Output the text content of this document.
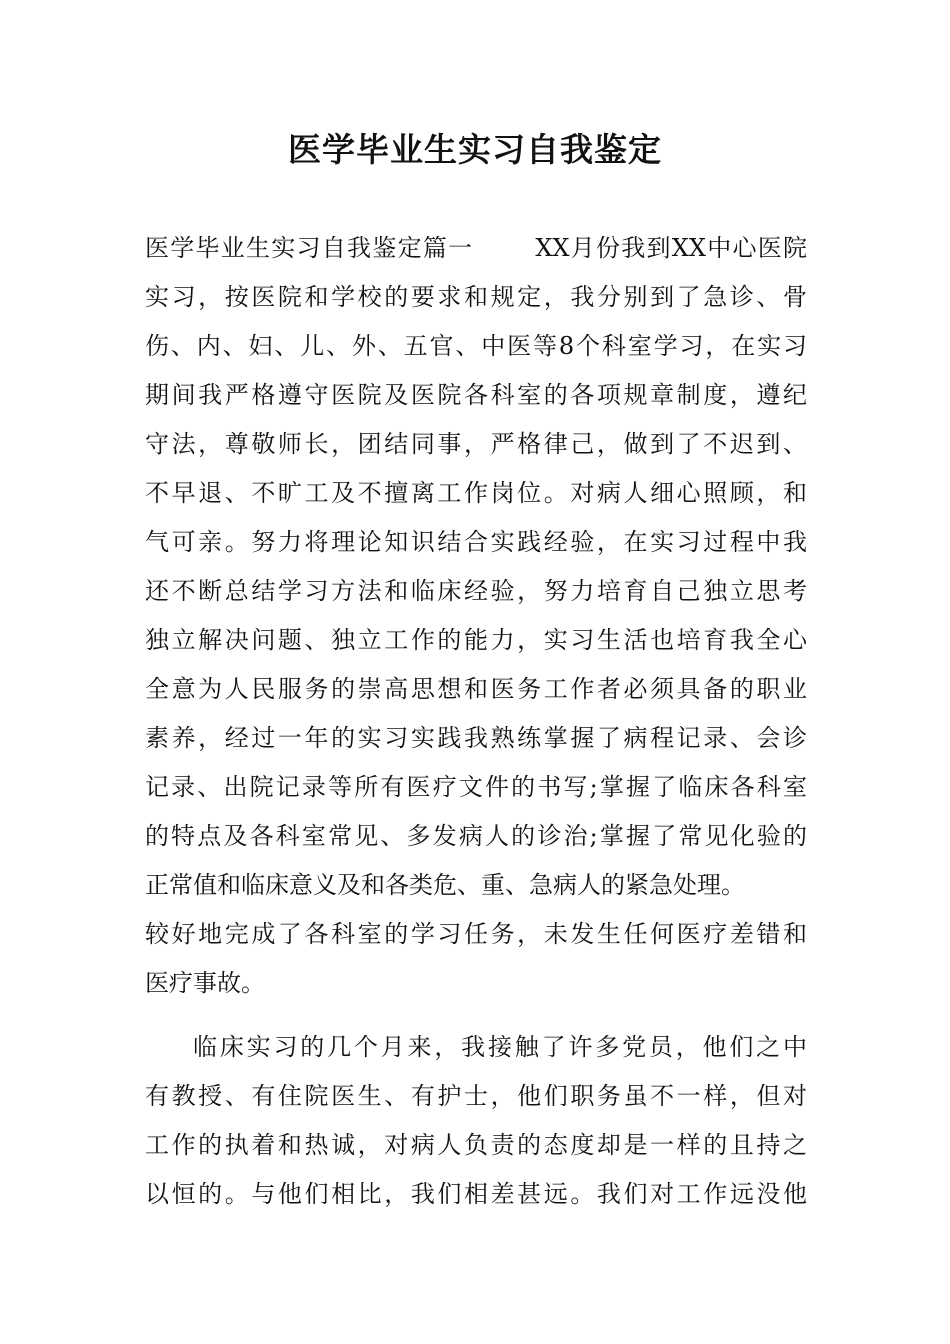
医学毕业生实习自我鉴定
医学毕业生实习自我鉴定篇一	XX月份我到XX中心医院
实习，按医院和学校的要求和规定，我分别到了急诊、骨
伤、内、妇、儿、外、五官、中医等8个科室学习，在实习
期间我严格遵守医院及医院各科室的各项规章制度，遵纪
守法，尊敬师长，团结同事，严格律己，做到了不迟到、
不早退、不旷工及不擅离工作岗位。对病人细心照顾，和
气可亲。努力将理论知识结合实践经验，在实习过程中我
还不断总结学习方法和临床经验，努力培育自己独立思考
独立解决问题、独立工作的能力，实习生活也培育我全心
全意为人民服务的崇高思想和医务工作者必须具备的职业
素养，经过一年的实习实践我熟练掌握了病程记录、会诊
记录、出院记录等所有医疗文件的书写;掌握了临床各科室
的特点及各科室常见、多发病人的诊治;掌握了常见化验的
正常值和临床意义及和各类危、重、急病人的紧急处理。
较好地完成了各科室的学习任务，未发生任何医疗差错和
医疗事故。
临床实习的几个月来，我接触了许多党员，他们之中
有教授、有住院医生、有护士，他们职务虽不一样，但对
工作的执着和热诚，对病人负责的态度却是一样的且持之
以恒的。与他们相比，我们相差甚远。我们对工作远没他
